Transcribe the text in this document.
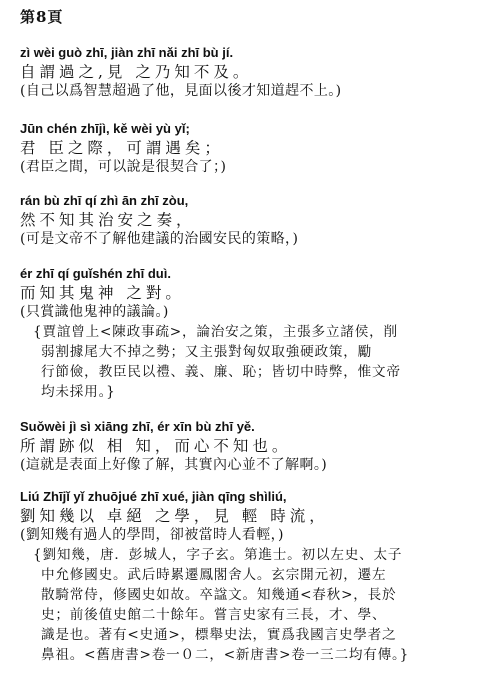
第8頁
zì wèi guò zhī, jiàn zhī nǎi zhī bù jí.
自謂過之,見 之乃知不及。
(自己以爲智慧超過了他，見面以後才知道趕不上。)
Jūn chén zhījì, kě wèi yù yǐ;
君 臣之際，可謂遇矣；
(君臣之間，可以說是很契合了；)
rán bù zhī qí zhì ān zhī zòu,
然不知其治安之奏，
(可是文帝不了解他建議的治國安民的策略，)
ér zhī qí guǐshén zhī duì.
而知其鬼神 之對。
(只賞識他鬼神的議論。)
{賈誼曾上<陳政事疏>，論治安之策，主張多立諸侯，削
弱割據尾大不掉之勢；又主張對匈奴取強硬政策，勵
行節儉，教臣民以禮、義、廉、恥；皆切中時弊，惟文帝
均未採用。}
Suǒwèi jì sì xiāng zhī, ér xīn bù zhī yě.
所謂跡似 相 知，而心不知也。
(這就是表面上好像了解，其實內心並不了解啊。)
Liú Zhījǐ yǐ zhuōjué zhī xué, jiàn qīng shìliú,
劉知幾以 卓絕 之學，見 輕 時流，
(劉知幾有過人的學問，卻被當時人看輕，)
{劉知幾，唐．彭城人，字子玄。第進士。初以左史、太子
中允修國史。武后時累遷鳳閣舍人。玄宗開元初，遷左
散騎常侍，修國史如故。卒諡文。知幾通<春秋>，長於
史；前後值史館二十餘年。嘗言史家有三長，才、學、
識是也。著有<史通>，標舉史法，實爲我國言史學者之
鼻祖。<舊唐書>卷一０二，<新唐書>卷一三二均有傳。}
